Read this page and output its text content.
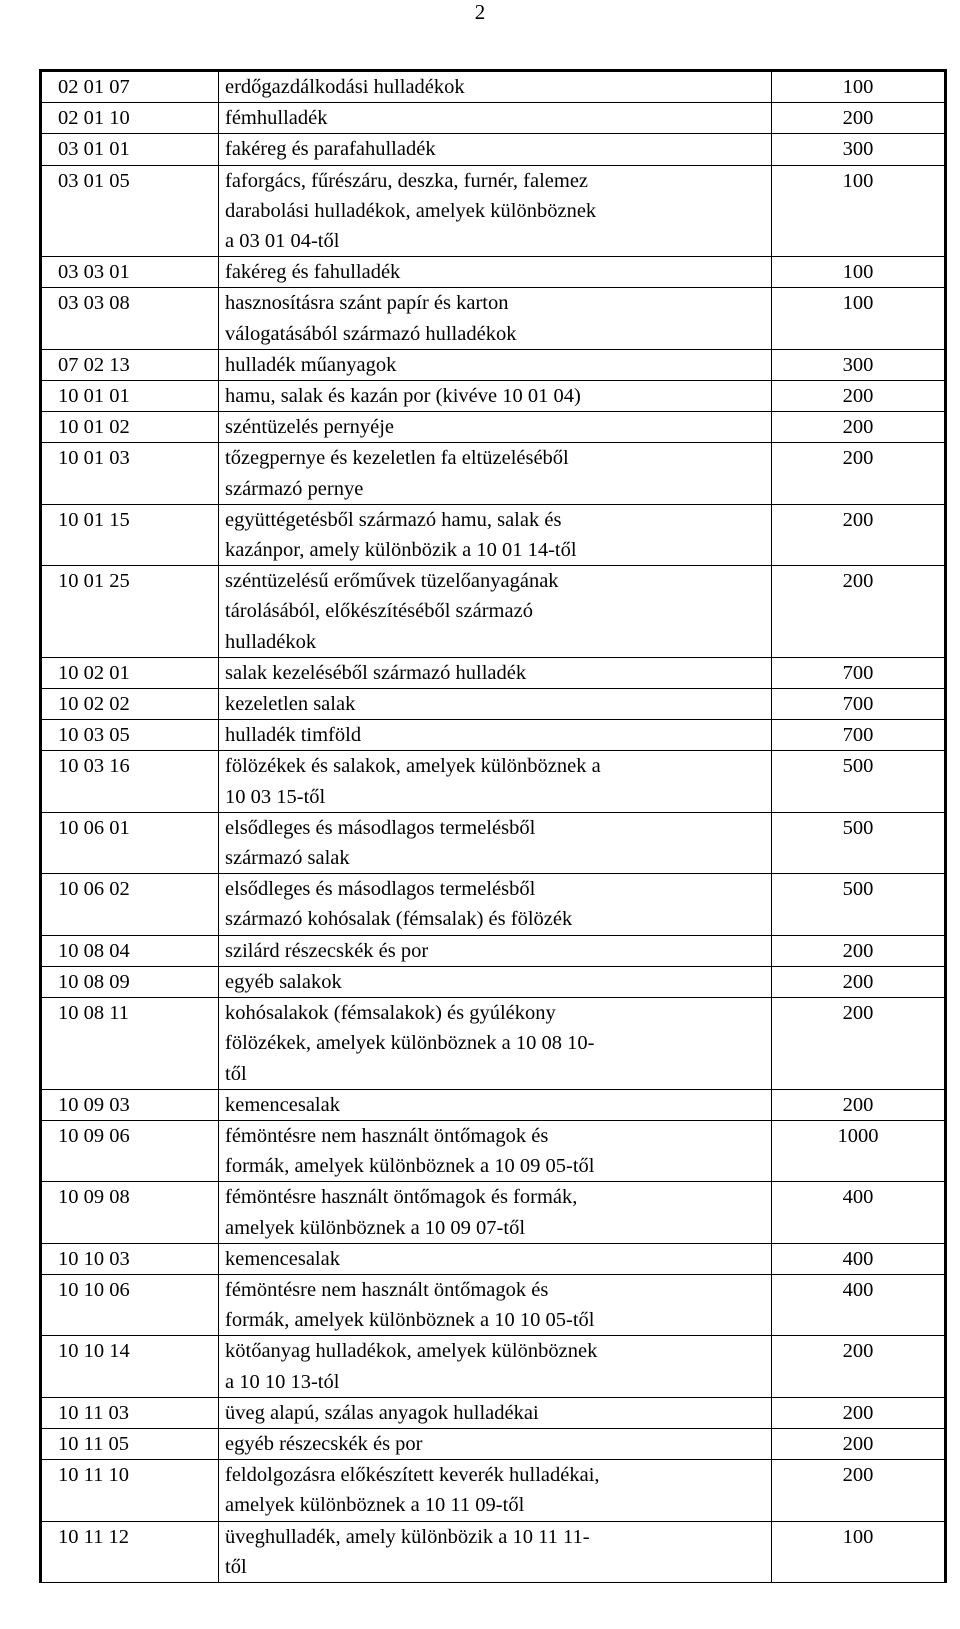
2
02 01 07	erdőgazdálkodási hulladékok	100
02 01 10	fémhulladék	200
03 01 01	fakéreg és parafahulladék	300
03 01 05	faforgács, fűrészáru, deszka, furnér, falemez
darabolási hulladékok, amelyek különböznek
a 03 01 04-től	100
03 03 01	fakéreg és fahulladék	100
03 03 08	hasznosításra szánt papír és karton
válogatásából származó hulladékok	100
07 02 13	hulladék műanyagok	300
10 01 01	hamu, salak és kazán por (kivéve 10 01 04)	200
10 01 02	széntüzelés pernyéje	200
10 01 03	tőzegpernye és kezeletlen fa eltüzeléséből
származó pernye	200
10 01 15	együttégetésből származó hamu, salak és
kazánpor, amely különbözik a 10 01 14-től	200
10 01 25	széntüzelésű erőművek tüzelőanyagának
tárolásából, előkészítéséből származó
hulladékok	200
10 02 01	salak kezeléséből származó hulladék	700
10 02 02	kezeletlen salak	700
10 03 05	hulladék timföld	700
10 03 16	fölözékek és salakok, amelyek különböznek a
10 03 15-től	500
10 06 01	elsődleges és másodlagos termelésből
származó salak	500
10 06 02	elsődleges és másodlagos termelésből
származó kohósalak (fémsalak) és fölözék	500
10 08 04	szilárd részecskék és por	200
10 08 09	egyéb salakok	200
10 08 11	kohósalakok (fémsalakok) és gyúlékony
fölözékek, amelyek különböznek a 10 08 10-
től	200
10 09 03	kemencesalak	200
10 09 06	fémöntésre nem használt öntőmagok és
formák, amelyek különböznek a 10 09 05-től	1000
10 09 08	fémöntésre használt öntőmagok és formák,
amelyek különböznek a 10 09 07-től	400
10 10 03	kemencesalak	400
10 10 06	fémöntésre nem használt öntőmagok és
formák, amelyek különböznek a 10 10 05-től	400
10 10 14	kötőanyag hulladékok, amelyek különböznek
a 10 10 13-tól	200
10 11 03	üveg alapú, szálas anyagok hulladékai	200
10 11 05	egyéb részecskék és por	200
10 11 10	feldolgozásra előkészített keverék hulladékai,
amelyek különböznek a 10 11 09-től	200
10 11 12	üveghulladék, amely különbözik a 10 11 11-
től	100
